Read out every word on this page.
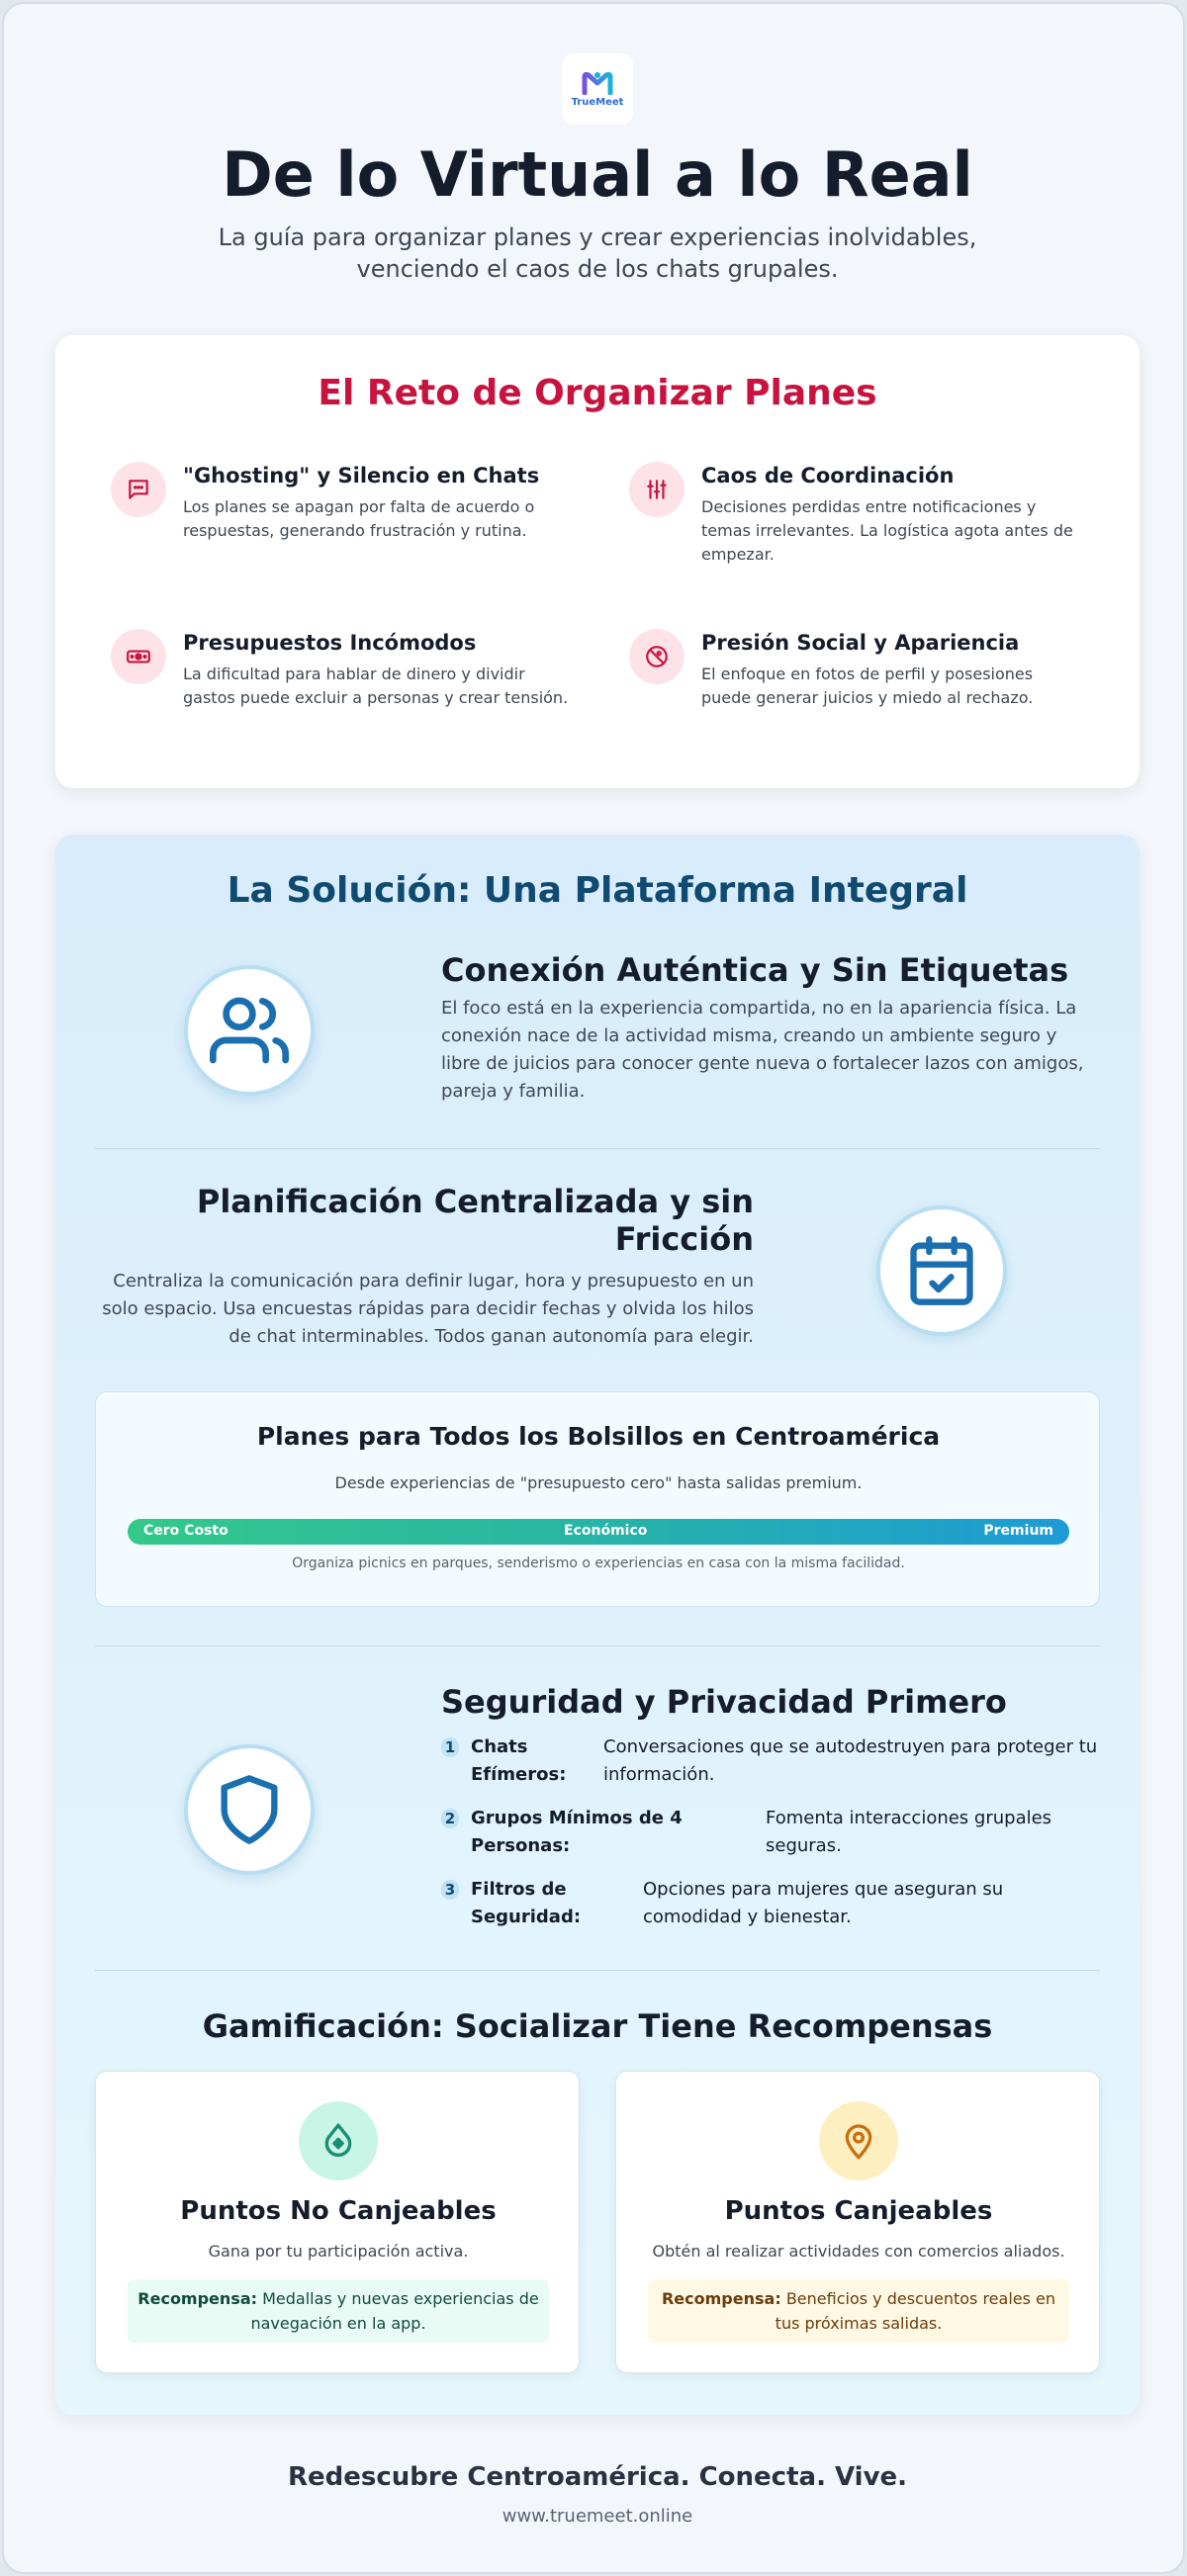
TrueMeet
De lo Virtual a lo Real
La guía para organizar planes y crear experiencias inolvidables, venciendo el caos de los chats grupales.
El Reto de Organizar Planes
"Ghosting" y Silencio en Chats
Los planes se apagan por falta de acuerdo o respuestas, generando frustración y rutina.
Caos de Coordinación
Decisiones perdidas entre notificaciones y temas irrelevantes. La logística agota antes de empezar.
Presupuestos Incómodos
La dificultad para hablar de dinero y dividir gastos puede excluir a personas y crear tensión.
Presión Social y Apariencia
El enfoque en fotos de perfil y posesiones puede generar juicios y miedo al rechazo.
La Solución: Una Plataforma Integral
Conexión Auténtica y Sin Etiquetas
El foco está en la experiencia compartida, no en la apariencia física. La conexión nace de la actividad misma, creando un ambiente seguro y libre de juicios para conocer gente nueva o fortalecer lazos con amigos, pareja y familia.
Planificación Centralizada y sin Fricción
Centraliza la comunicación para definir lugar, hora y presupuesto en un solo espacio. Usa encuestas rápidas para decidir fechas y olvida los hilos de chat interminables. Todos ganan autonomía para elegir.
Planes para Todos los Bolsillos en Centroamérica
Desde experiencias de "presupuesto cero" hasta salidas premium.
Cero Costo	Económico	Premium
Organiza picnics en parques, senderismo o experiencias en casa con la misma facilidad.
Seguridad y Privacidad Primero
1 Chats Efímeros:
Conversaciones que se autodestruyen para proteger tu información.
2 Grupos Mínimos de 4 Personas:
Fomenta interacciones grupales seguras.
3 Filtros de Seguridad:
Opciones para mujeres que aseguran su comodidad y bienestar.
Gamificación: Socializar Tiene Recompensas
Puntos No Canjeables
Gana por tu participación activa.
Recompensa: Medallas y nuevas experiencias de navegación en la app.
Puntos Canjeables
Obtén al realizar actividades con comercios aliados.
Recompensa: Beneficios y descuentos reales en tus próximas salidas.
Redescubre Centroamérica. Conecta. Vive.
www.truemeet.online
